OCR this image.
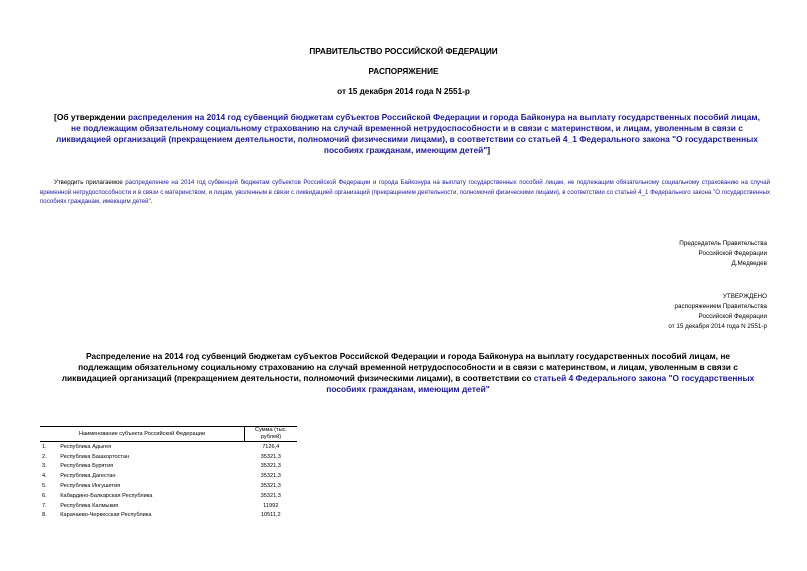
ПРАВИТЕЛЬСТВО РОССИЙСКОЙ ФЕДЕРАЦИИ
РАСПОРЯЖЕНИЕ
от 15 декабря 2014 года N 2551-р
[Об утверждении распределения на 2014 год субвенций бюджетам субъектов Российской Федерации и города Байконура на выплату государственных пособий лицам, не подлежащим обязательному социальному страхованию на случай временной нетрудоспособности и в связи с материнством, и лицам, уволенным в связи с ликвидацией организаций (прекращением деятельности, полномочий физическими лицами), в соответствии со статьей 4_1 Федерального закона "О государственных пособиях гражданам, имеющим детей"]
Утвердить прилагаемое распределение на 2014 год субвенций бюджетам субъектов Российской Федерации и города Байконура на выплату государственных пособий лицам, не подлежащим обязательному социальному страхованию на случай временной нетрудоспособности и в связи с материнством, и лицам, уволенным в связи с ликвидацией организаций (прекращением деятельности, полномочий физическими лицами), в соответствии со статьей 4_1 Федерального закона "О государственных пособиях гражданам, имеющим детей".
Председатель Правительства
Российской Федерации
Д.Медведев
УТВЕРЖДЕНО
распоряжением Правительства
Российской Федерации
от 15 декабря 2014 года N 2551-р
Распределение на 2014 год субвенций бюджетам субъектов Российской Федерации и города Байконура на выплату государственных пособий лицам, не подлежащим обязательному социальному страхованию на случай временной нетрудоспособности и в связи с материнством, и лицам, уволенным в связи с ликвидацией организаций (прекращением деятельности, полномочий физическими лицами), в соответствии со статьей 4 Федерального закона "О государственных пособиях гражданам, имеющим детей"
Наименование субъекта Российской Федерации		Сумма (тыс. рублей)
1.	Республика Адыгея	7126,4
2.	Республика Башкортостан	35321,3
3.	Республика Бурятия	35321,3
4.	Республика Дагестан	35321,3
5.	Республика Ингушетия	35321,3
6.	Кабардино-Балкарская Республика	35321,3
7.	Республика Калмыкия	11992
8.	Карачаево-Черкесская Республика	10511,2
